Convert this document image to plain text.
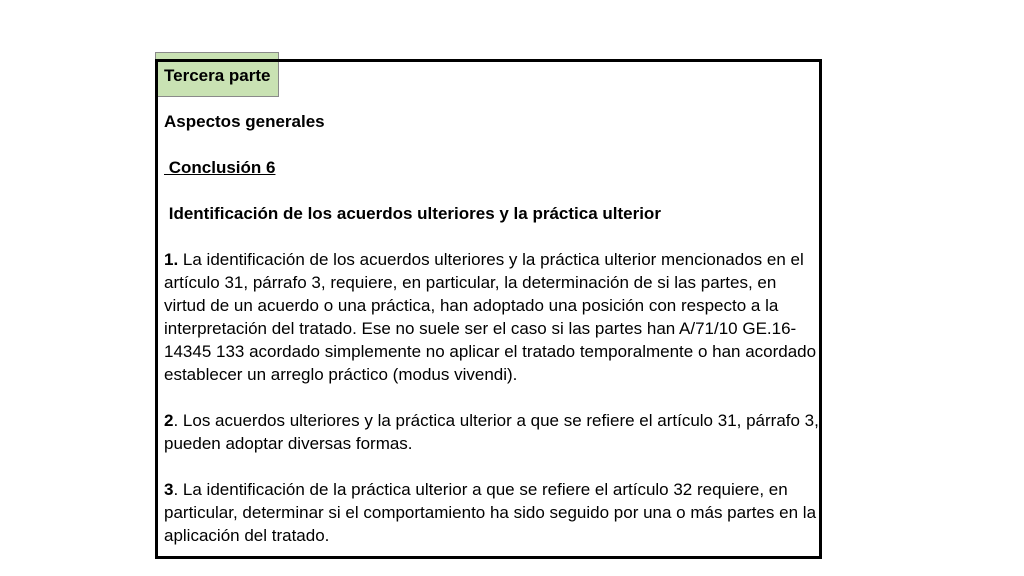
Tercera parte

Aspectos generales

Conclusión 6

Identificación de los acuerdos ulteriores y la práctica ulterior

1. La identificación de los acuerdos ulteriores y la práctica ulterior mencionados en el artículo 31, párrafo 3, requiere, en particular, la determinación de si las partes, en virtud de un acuerdo o una práctica, han adoptado una posición con respecto a la interpretación del tratado. Ese no suele ser el caso si las partes han A/71/10 GE.16-14345 133 acordado simplemente no aplicar el tratado temporalmente o han acordado establecer un arreglo práctico (modus vivendi).

2. Los acuerdos ulteriores y la práctica ulterior a que se refiere el artículo 31, párrafo 3, pueden adoptar diversas formas.

3. La identificación de la práctica ulterior a que se refiere el artículo 32 requiere, en particular, determinar si el comportamiento ha sido seguido por una o más partes en la aplicación del tratado.
